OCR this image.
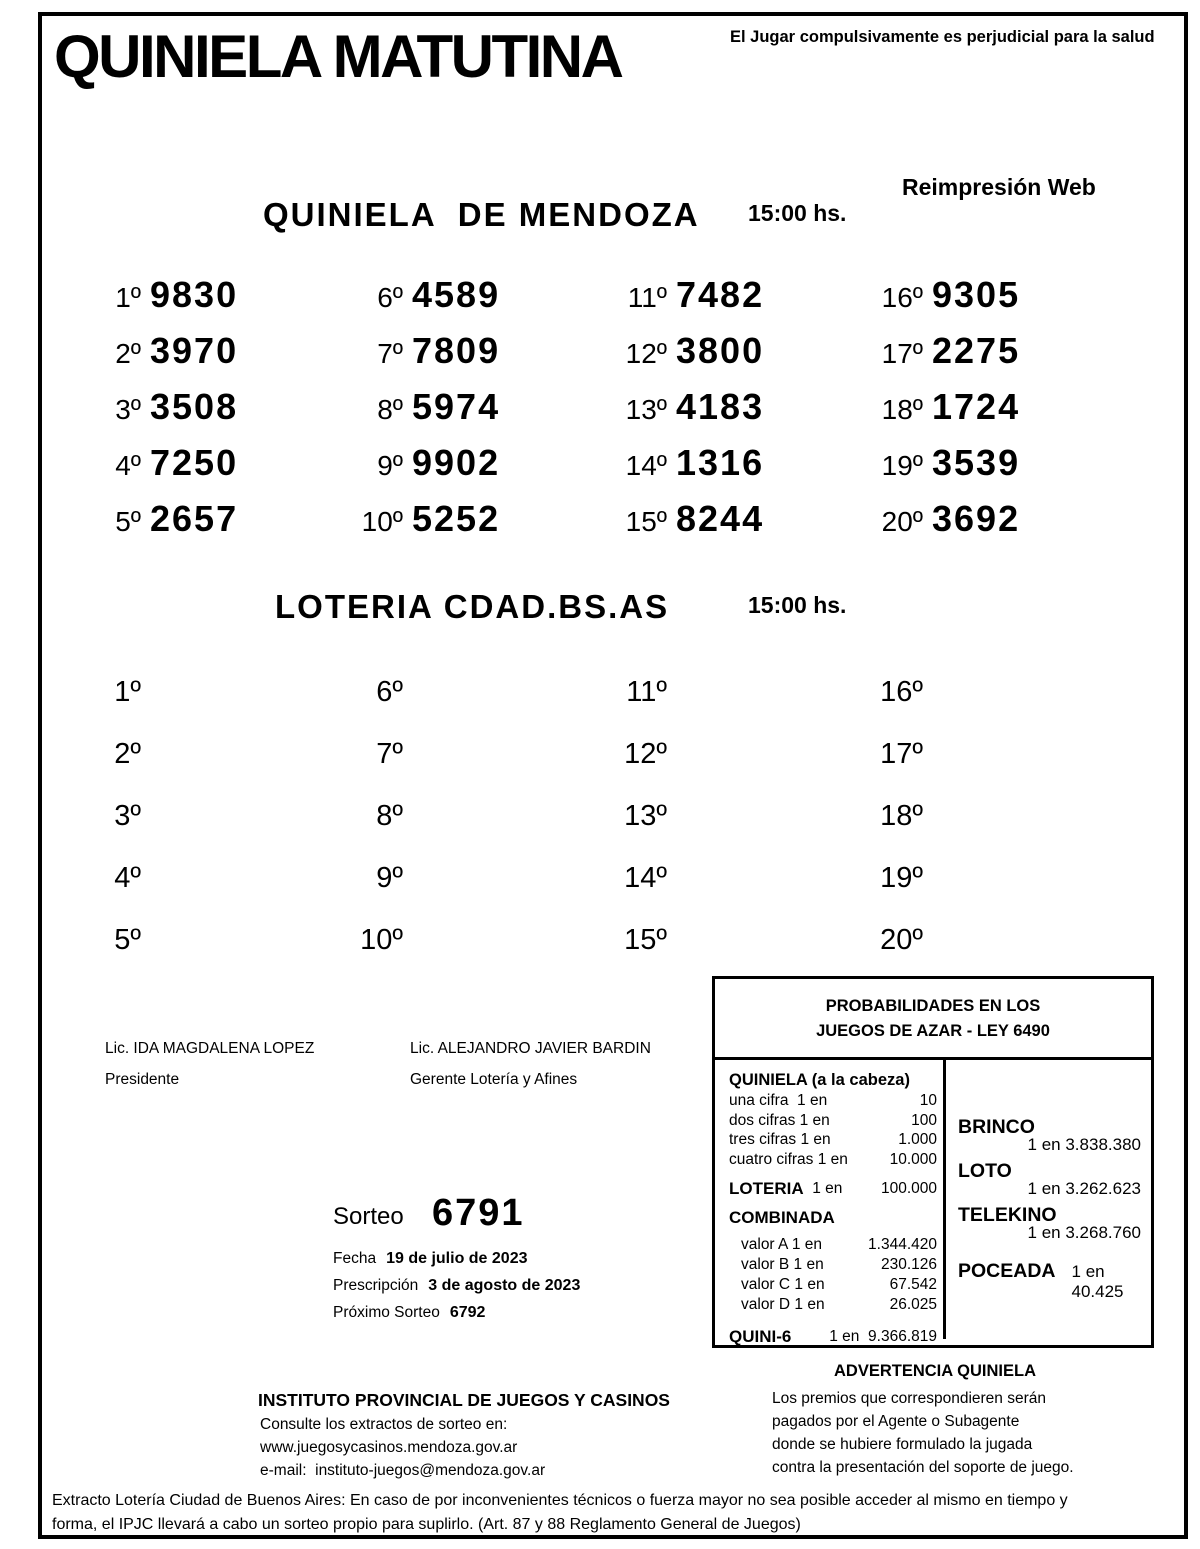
QUINIELA MATUTINA	El Jugar compulsivamente es perjudicial para la salud
QUINIELA  DE MENDOZA 15:00 hs.
Reimpresión Web
1º 9830	6º 4589	11º 7482	16º 9305
2º 3970	7º 7809	12º 3800	17º 2275
3º 3508	8º 5974	13º 4183	18º 1724
4º 7250	9º 9902	14º 1316	19º 3539
5º 2657	10º 5252	15º 8244	20º 3692
LOTERIA CDAD.BS.AS	15:00 hs.
1º	6º	11º	16º
2º	7º	12º	17º
3º	8º	13º	18º
4º	9º	14º	19º
5º	10º	15º	20º
Lic. IDA MAGDALENA LOPEZ
Presidente
Lic. ALEJANDRO JAVIER BARDIN
Gerente Lotería y Afines
Sorteo 6791
Fecha 19 de julio de 2023
Prescripción 3 de agosto de 2023
Próximo Sorteo 6792
PROBABILIDADES EN LOS
JUEGOS DE AZAR - LEY 6490
QUINIELA (a la cabeza)
una cifra  1 en	10
dos cifras 1 en	100
tres cifras 1 en	1.000
cuatro cifras 1 en	10.000
LOTERIA 1 en 100.000
COMBINADA
valor A 1 en	1.344.420
valor B 1 en	230.126
valor C 1 en	67.542
valor D 1 en	26.025
QUINI-6 1 en  9.366.819
BRINCO
1 en 3.838.380
LOTO
1 en 3.262.623
TELEKINO
1 en 3.268.760
POCEADA 1 en 40.425
ADVERTENCIA QUINIELA
Los premios que correspondieren serán
pagados por el Agente o Subagente
donde se hubiere formulado la jugada
contra la presentación del soporte de juego.
INSTITUTO PROVINCIAL DE JUEGOS Y CASINOS
Consulte los extractos de sorteo en:
www.juegosycasinos.mendoza.gov.ar
e-mail:  instituto-juegos@mendoza.gov.ar
Extracto Lotería Ciudad de Buenos Aires: En caso de por inconvenientes técnicos o fuerza mayor no sea posible acceder al mismo en tiempo y
forma, el IPJC llevará a cabo un sorteo propio para suplirlo. (Art. 87 y 88 Reglamento General de Juegos)
